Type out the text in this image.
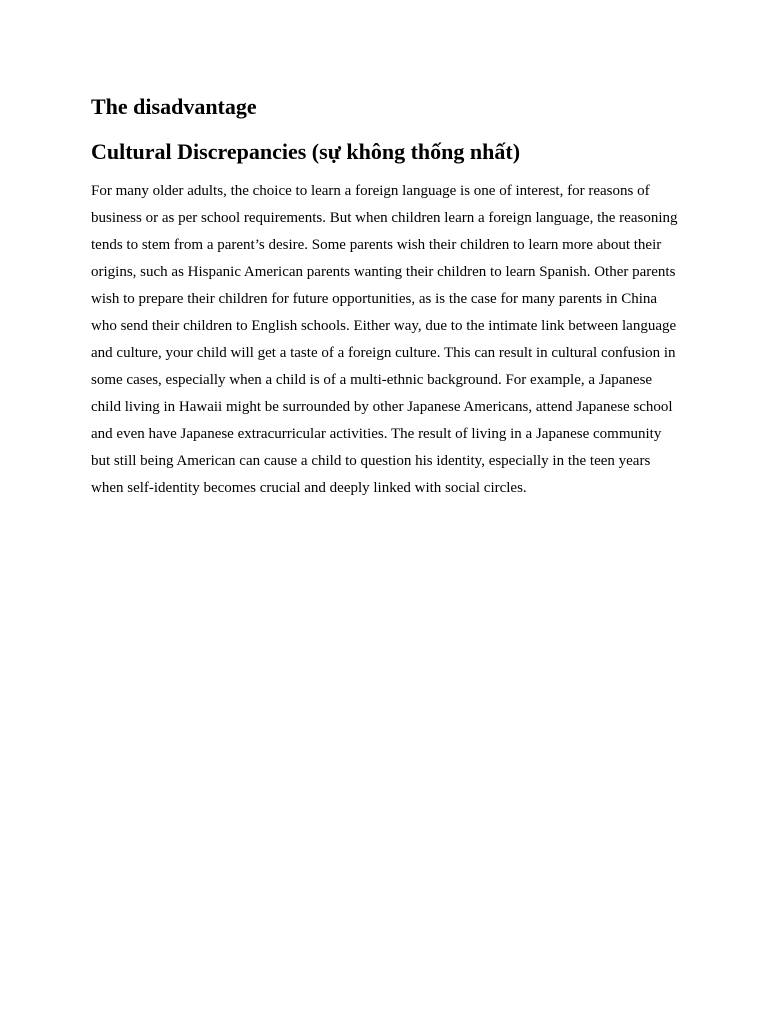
The disadvantage
Cultural Discrepancies (sự không thống nhất)

For many older adults, the choice to learn a foreign language is one of interest, for reasons of business or as per school requirements. But when children learn a foreign language, the reasoning tends to stem from a parent’s desire. Some parents wish their children to learn more about their origins, such as Hispanic American parents wanting their children to learn Spanish. Other parents wish to prepare their children for future opportunities, as is the case for many parents in China who send their children to English schools. Either way, due to the intimate link between language and culture, your child will get a taste of a foreign culture. This can result in cultural confusion in some cases, especially when a child is of a multi-ethnic background. For example, a Japanese child living in Hawaii might be surrounded by other Japanese Americans, attend Japanese school and even have Japanese extracurricular activities. The result of living in a Japanese community but still being American can cause a child to question his identity, especially in the teen years when self-identity becomes crucial and deeply linked with social circles.
